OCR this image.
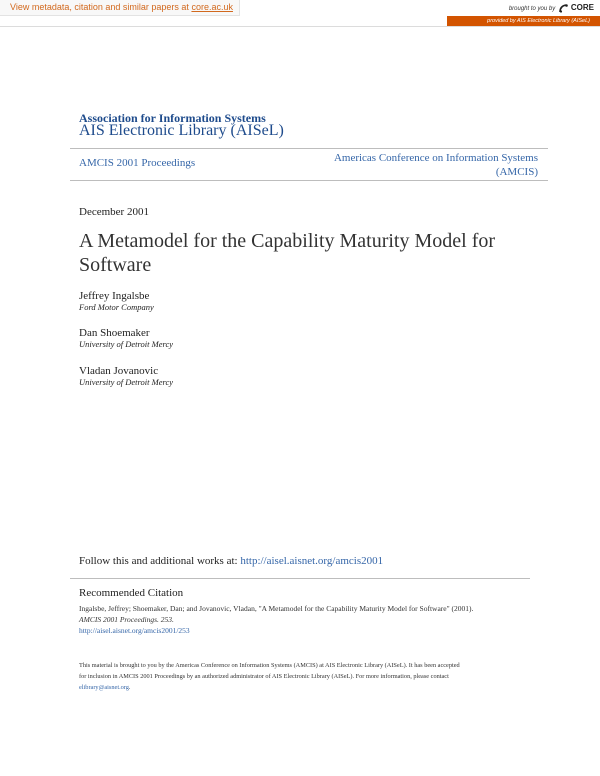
View metadata, citation and similar papers at core.ac.uk	brought to you by CORE
provided by AIS Electronic Library (AISeL)
Association for Information Systems
AIS Electronic Library (AISeL)
AMCIS 2001 Proceedings	Americas Conference on Information Systems
(AMCIS)
December 2001
A Metamodel for the Capability Maturity Model for Software
Jeffrey Ingalsbe
Ford Motor Company
Dan Shoemaker
University of Detroit Mercy
Vladan Jovanovic
University of Detroit Mercy
Follow this and additional works at: http://aisel.aisnet.org/amcis2001
Recommended Citation
Ingalsbe, Jeffrey; Shoemaker, Dan; and Jovanovic, Vladan, "A Metamodel for the Capability Maturity Model for Software" (2001).
AMCIS 2001 Proceedings. 253.
http://aisel.aisnet.org/amcis2001/253
This material is brought to you by the Americas Conference on Information Systems (AMCIS) at AIS Electronic Library (AISeL). It has been accepted
for inclusion in AMCIS 2001 Proceedings by an authorized administrator of AIS Electronic Library (AISeL). For more information, please contact
elibrary@aisnet.org.
